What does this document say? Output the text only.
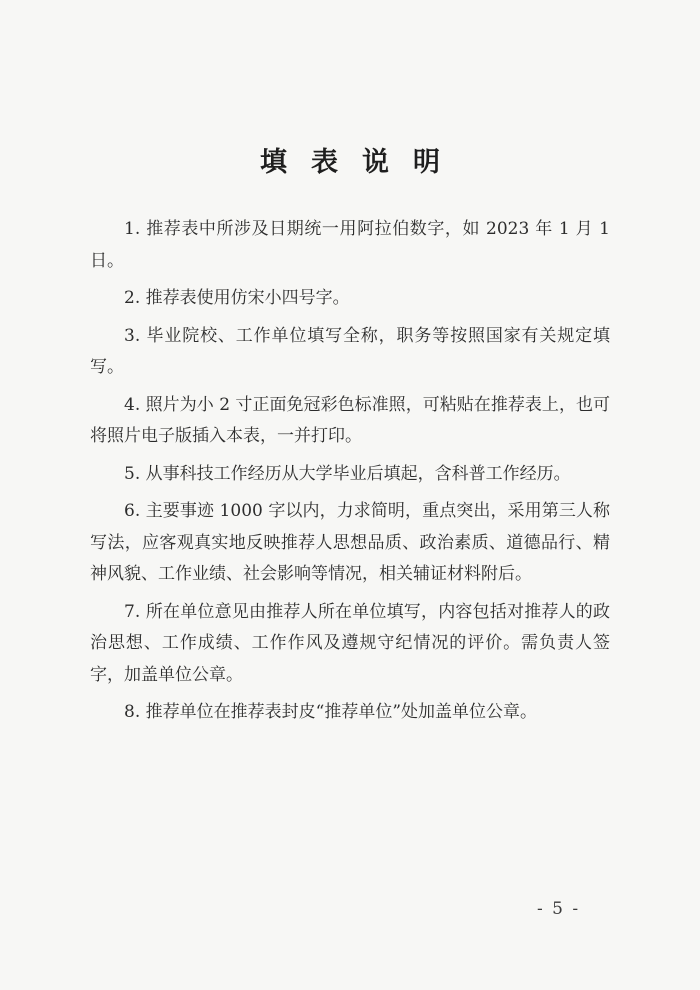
填表说明

1. 推荐表中所涉及日期统一用阿拉伯数字，如 2023 年 1 月 1 日。

2. 推荐表使用仿宋小四号字。

3. 毕业院校、工作单位填写全称，职务等按照国家有关规定填写。

4. 照片为小 2 寸正面免冠彩色标准照，可粘贴在推荐表上，也可将照片电子版插入本表，一并打印。

5. 从事科技工作经历从大学毕业后填起，含科普工作经历。

6. 主要事迹 1000 字以内，力求简明，重点突出，采用第三人称写法，应客观真实地反映推荐人思想品质、政治素质、道德品行、精神风貌、工作业绩、社会影响等情况，相关辅证材料附后。

7. 所在单位意见由推荐人所在单位填写，内容包括对推荐人的政治思想、工作成绩、工作作风及遵规守纪情况的评价。需负责人签字，加盖单位公章。

8. 推荐单位在推荐表封皮“推荐单位”处加盖单位公章。

- 5 -
